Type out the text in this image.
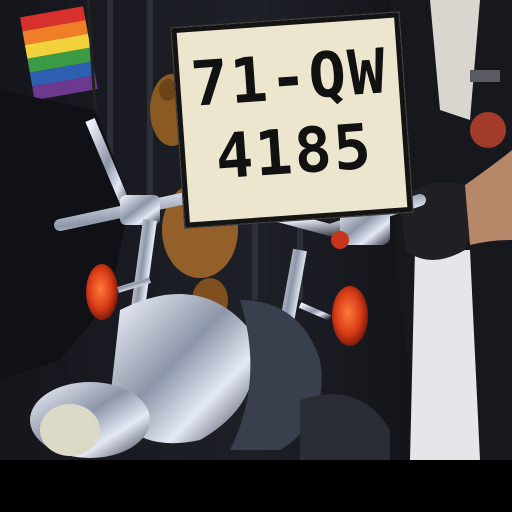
71-QW
4185
